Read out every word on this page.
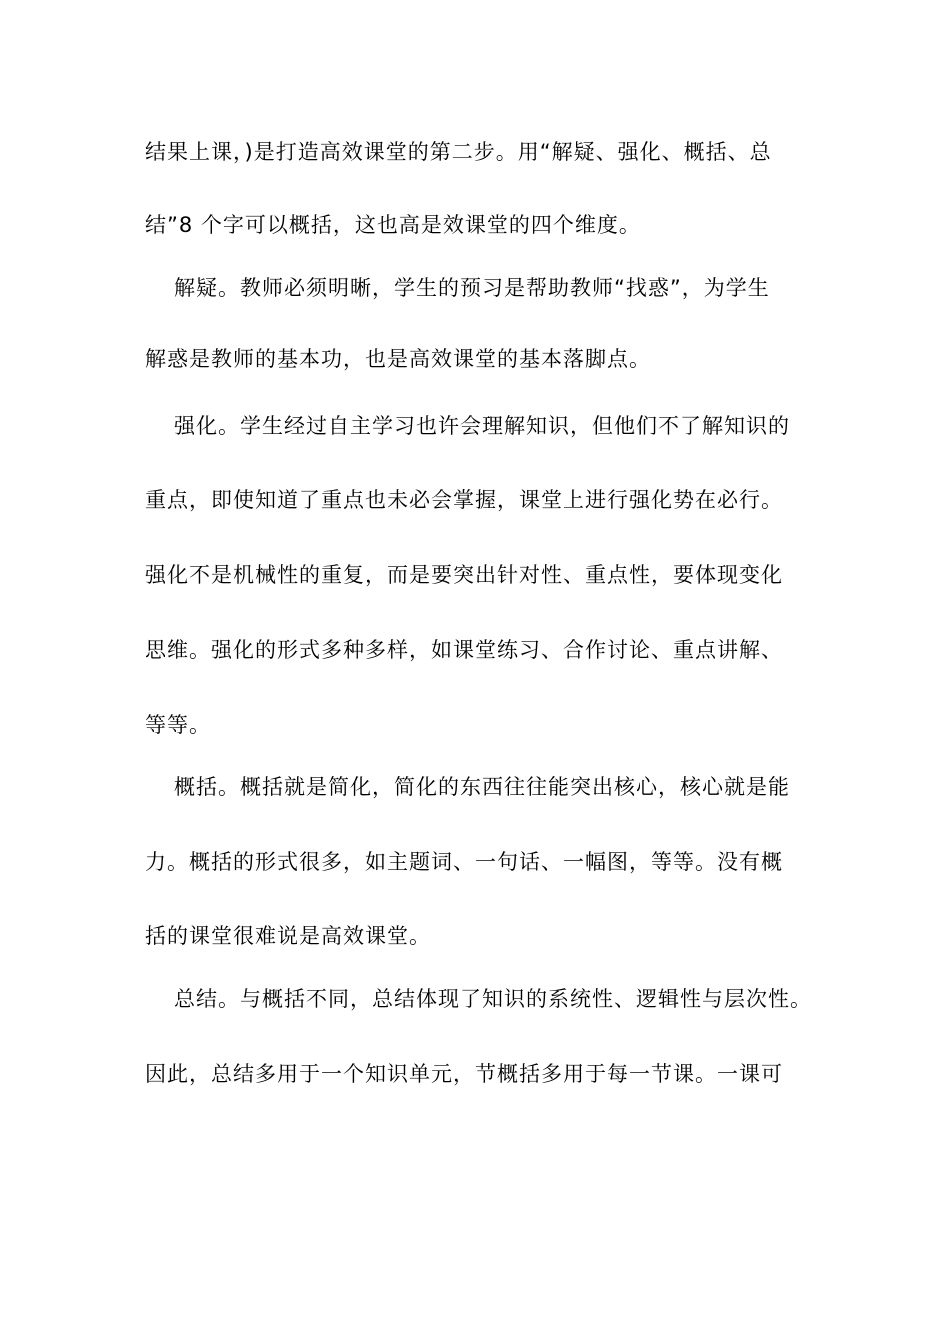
结果上课，)是打造高效课堂的第二步。用“解疑、强化、概括、总
结”8 个字可以概括，这也高是效课堂的四个维度。
解疑。教师必须明晰，学生的预习是帮助教师“找惑”，为学生
解惑是教师的基本功，也是高效课堂的基本落脚点。
强化。学生经过自主学习也许会理解知识，但他们不了解知识的
重点，即使知道了重点也未必会掌握，课堂上进行强化势在必行。
强化不是机械性的重复，而是要突出针对性、重点性，要体现变化
思维。强化的形式多种多样，如课堂练习、合作讨论、重点讲解、
等等。
概括。概括就是简化，简化的东西往往能突出核心，核心就是能
力。概括的形式很多，如主题词、一句话、一幅图，等等。没有概
括的课堂很难说是高效课堂。
总结。与概括不同，总结体现了知识的系统性、逻辑性与层次性。
因此，总结多用于一个知识单元，节概括多用于每一节课。一课可
